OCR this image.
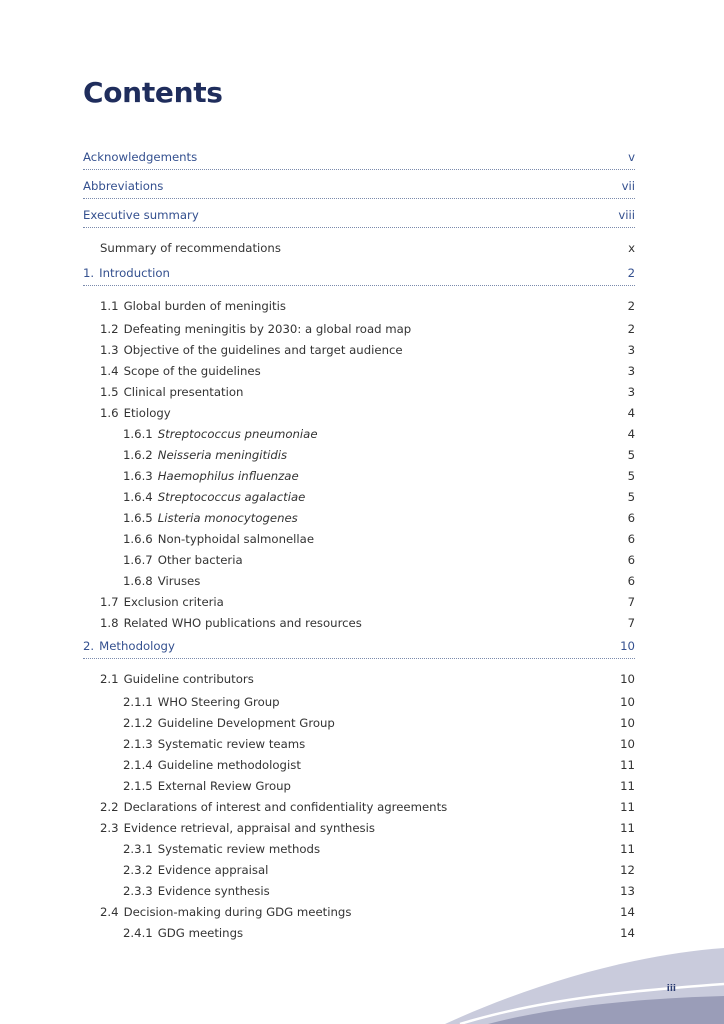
Contents
Acknowledgements	v
Abbreviations	vii
Executive summary	viii
Summary of recommendations	x
1. Introduction	2
1.1 Global burden of meningitis	2
1.2 Defeating meningitis by 2030: a global road map	2
1.3 Objective of the guidelines and target audience	3
1.4 Scope of the guidelines	3
1.5 Clinical presentation	3
1.6 Etiology	4
1.6.1 Streptococcus pneumoniae	4
1.6.2 Neisseria meningitidis	5
1.6.3 Haemophilus influenzae	5
1.6.4 Streptococcus agalactiae	5
1.6.5 Listeria monocytogenes	6
1.6.6 Non-typhoidal salmonellae	6
1.6.7 Other bacteria	6
1.6.8 Viruses	6
1.7 Exclusion criteria	7
1.8 Related WHO publications and resources	7
2. Methodology	10
2.1 Guideline contributors	10
2.1.1 WHO Steering Group	10
2.1.2 Guideline Development Group	10
2.1.3 Systematic review teams	10
2.1.4 Guideline methodologist	11
2.1.5 External Review Group	11
2.2 Declarations of interest and confidentiality agreements	11
2.3 Evidence retrieval, appraisal and synthesis	11
2.3.1 Systematic review methods	11
2.3.2 Evidence appraisal	12
2.3.3 Evidence synthesis	13
2.4 Decision-making during GDG meetings	14
2.4.1 GDG meetings	14
iii
